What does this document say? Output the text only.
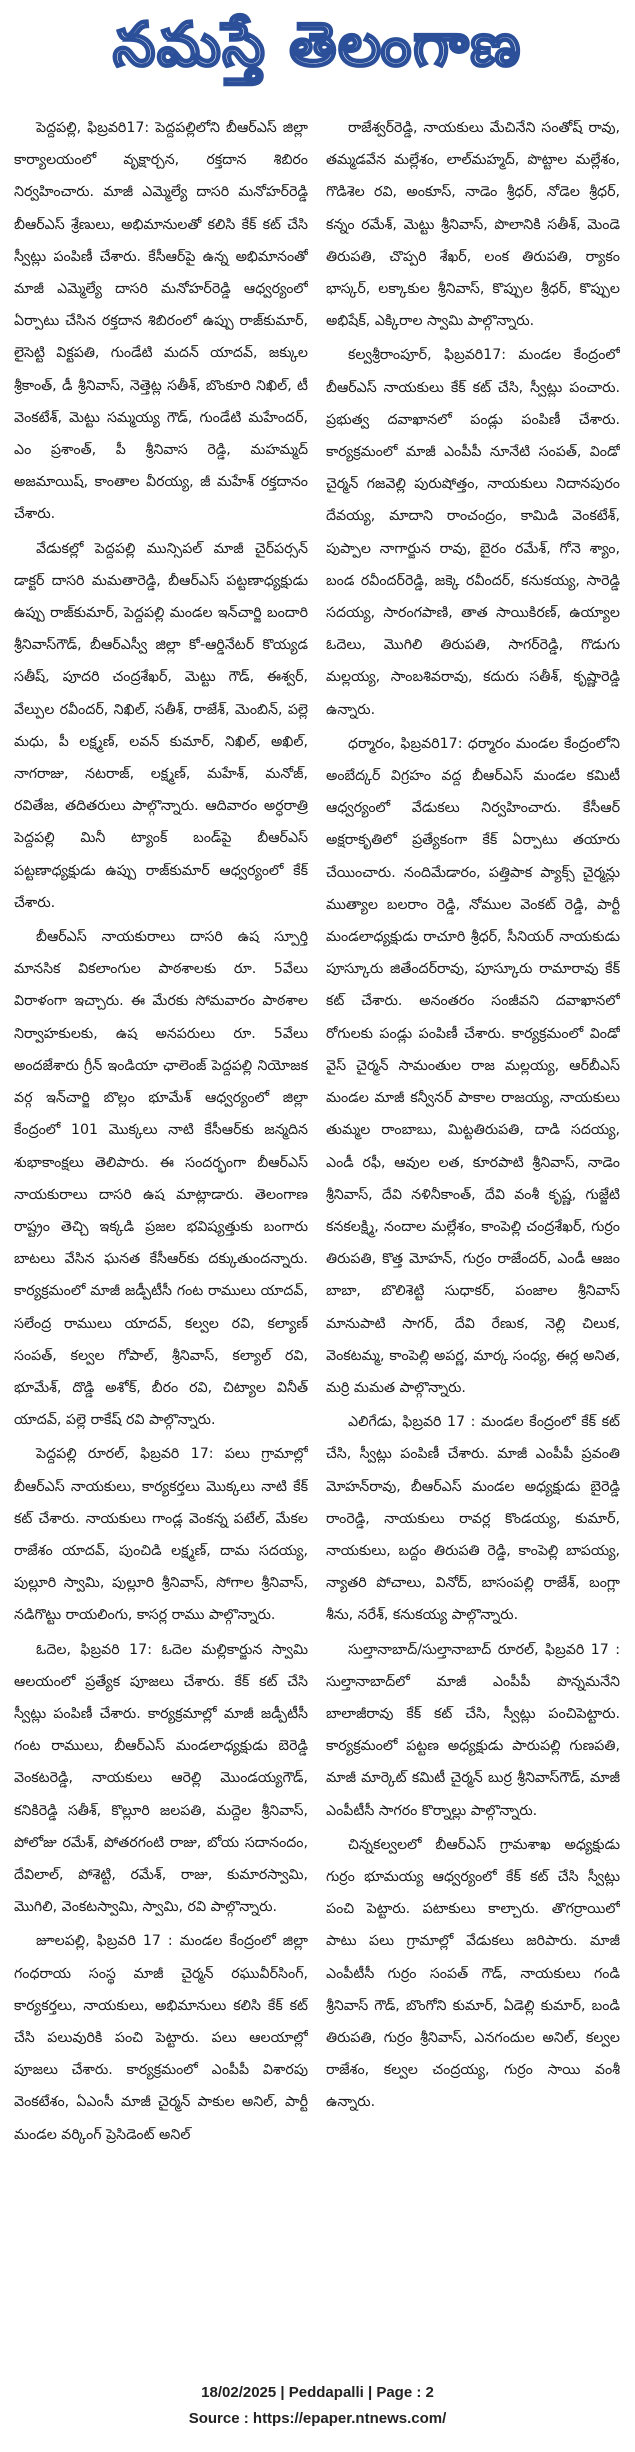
నమస్తే తెలంగాణ

పెద్దపల్లి, ఫిబ్రవరి17: పెద్దపల్లిలోని బీఆర్‌ఎస్ జిల్లా కార్యాలయంలో వృక్షార్చన, రక్తదాన శిబిరం నిర్వహించారు. మాజీ ఎమ్మెల్యే దాసరి మనోహర్‌రెడ్డి బీఆర్‌ఎస్ శ్రేణులు, అభిమానులతో కలిసి కేక్ కట్ చేసి స్వీట్లు పంపిణీ చేశారు. కేసీఆర్‌పై ఉన్న అభిమానంతో మాజీ ఎమ్మెల్యే దాసరి మనోహర్‌రెడ్డి ఆధ్వర్యంలో ఏర్పాటు చేసిన రక్తదాన శిబిరంలో ఉప్పు రాజ్‌కుమార్, లైసెట్టి విక్టపతి, గుండేటి మదన్ యాదవ్, జక్కుల శ్రీకాంత్, డీ శ్రీనివాస్, నెత్తెట్ల సతీశ్, బొంకూరి నిఖిల్, టీ వెంకటేశ్, మెట్టు సమ్మయ్య గౌడ్, గుండేటి మహేందర్, ఎం ప్రశాంత్, పీ శ్రీనివాస రెడ్డి, మహమ్మద్ అజమాయిష్, కాంతాల వీరయ్య, జీ మహేశ్ రక్తదానం చేశారు.

వేడుకల్లో పెద్దపల్లి మున్సిపల్ మాజీ చైర్‌పర్సన్ డాక్టర్ దాసరి మమతారెడ్డి, బీఆర్‌ఎస్ పట్టణాధ్యక్షుడు ఉప్పు రాజ్‌కుమార్, పెద్దపల్లి మండల ఇన్‌చార్జి బందారి శ్రీనివాస్‌గౌడ్, బీఆర్‌ఎస్వీ జిల్లా కో-ఆర్డినేటర్ కొయ్యడ సతీష్, పూదరి చంద్రశేఖర్, మెట్టు గౌడ్, ఈశ్వర్, వేల్పుల రవీందర్, నిఖిల్, సతీశ్, రాజేశ్, మెంబిన్, పల్లె మధు, పీ లక్ష్మణ్, లవన్ కుమార్, నిఖిల్, అఖిల్, నాగరాజు, నటరాజ్, లక్ష్మణ్, మహేశ్, మనోజ్, రవితేజ, తదితరులు పాల్గొన్నారు. ఆదివారం అర్ధరాత్రి పెద్దపల్లి మినీ ట్యాంక్ బండ్‌పై బీఆర్‌ఎస్ పట్టణాధ్యక్షుడు ఉప్పు రాజ్‌కుమార్ ఆధ్వర్యంలో కేక్ చేశారు.

బీఆర్‌ఎస్ నాయకురాలు దాసరి ఉష స్పూర్తి మానసిక వికలాంగుల పాఠశాలకు రూ. 5వేలు విరాళంగా ఇచ్చారు. ఈ మేరకు సోమవారం పాఠశాల నిర్వాహకులకు, ఉష అనపరులు రూ. 5వేలు అందజేశారు గ్రీన్ ఇండియా ఛాలెంజ్ పెద్దపల్లి నియోజక వర్గ ఇన్‌చార్జి బొల్లం భూమేశ్ ఆధ్వర్యంలో జిల్లా కేంద్రంలో 101 మొక్కలు నాటి కేసీఆర్‌కు జన్మదిన శుభాకాంక్షలు తెలిపారు. ఈ సందర్భంగా బీఆర్‌ఎస్ నాయకురాలు దాసరి ఉష మాట్లాడారు. తెలంగాణ రాష్ట్రం తెచ్చి ఇక్కడి ప్రజల భవిష్యత్తుకు బంగారు బాటలు వేసిన ఘనత కేసీఆర్‌కు దక్కుతుందన్నారు. కార్యక్రమంలో మాజీ జడ్పీటీసీ గంట రాములు యాదవ్, సలేంద్ర రాములు యాదవ్, కల్వల రవి, కల్యాణ్ సంపత్, కల్వల గోపాల్, శ్రీనివాస్, కల్యాల్ రవి, భూమేశ్, దొడ్డి అశోక్, బీరం రవి, చిట్యాల వినీత్ యాదవ్, పల్లె రాకేష్ రవి పాల్గొన్నారు.

పెద్దపల్లి రూరల్, ఫిబ్రవరి 17: పలు గ్రామాల్లో బీఆర్‌ఎస్ నాయకులు, కార్యకర్తలు మొక్కలు నాటి కేక్ కట్ చేశారు. నాయకులు గాండ్ల వెంకన్న పటేల్, మేకల రాజేశం యాదవ్, పుంచిడి లక్ష్మణ్, దామ సదయ్య, పుల్లూరి స్వామి, పుల్లూరి శ్రీనివాస్, సోగాల శ్రీనివాస్, నడిగొట్టు రాయలింగు, కాసర్ల రాము పాల్గొన్నారు.

ఓదెల, ఫిబ్రవరి 17: ఓదెల మల్లికార్జున స్వామి ఆలయంలో ప్రత్యేక పూజలు చేశారు. కేక్ కట్ చేసి స్వీట్లు పంపిణీ చేశారు. కార్యక్రమాల్లో మాజీ జడ్పీటీసీ గంట రాములు, బీఆర్‌ఎస్ మండలాధ్యక్షుడు బెరెడ్డి వెంకటరెడ్డి, నాయకులు ఆరెల్లి మొండయ్యగౌడ్, కనికిరెడ్డి సతీశ్, కొల్లూరి జలపతి, మద్దెల శ్రీనివాస్, పోలోజు రమేశ్, పోతరగంటి రాజు, బోయ సదానందం, దేవిలాల్, పోశెట్టి, రమేశ్, రాజు, కుమారస్వామి, మొగిలి, వెంకటస్వామి, స్వామి, రవి పాల్గొన్నారు.

జూలపల్లి, ఫిబ్రవరి 17 : మండల కేంద్రంలో జిల్లా గంధరాయ సంస్థ మాజీ చైర్మన్ రఘువీర్‌సింగ్, కార్యకర్తలు, నాయకులు, అభిమానులు కలిసి కేక్ కట్ చేసి పలువురికి పంచి పెట్టారు. పలు ఆలయాల్లో పూజలు చేశారు. కార్యక్రమంలో ఎంపీపీ విశారపు వెంకటేశం, ఏఎంసీ మాజీ చైర్మన్ పాకుల అనిల్, పార్టీ మండల వర్కింగ్ ప్రెసిడెంట్ అనిల్

రాజేశ్వర్‌రెడ్డి, నాయకులు మేచినేని సంతోష్ రావు, తమ్మడవేన మల్లేశం, లాల్‌మహ్మద్, పొట్టాల మల్లేశం, గొడిశెల రవి, అంకూస్, నాడెం శ్రీధర్, నోడెల శ్రీధర్, కన్నం రమేశ్, మెట్టు శ్రీనివాస్, పొలానికి సతీశ్, మెండె తిరుపతి, చొప్పరి శేఖర్, లంక తిరుపతి, ర్యాకం భాస్కర్, లక్కాకుల శ్రీనివాస్, కొప్పుల శ్రీధర్, కొప్పుల అభిషేక్, ఎక్కిరాల స్వామి పాల్గొన్నారు.

కల్వశ్రీరాంపూర్, ఫిబ్రవరి17: మండల కేంద్రంలో బీఆర్‌ఎస్ నాయకులు కేక్ కట్ చేసి, స్వీట్లు పంచారు. ప్రభుత్వ దవాఖానలో పండ్లు పంపిణీ చేశారు. కార్యక్రమంలో మాజీ ఎంపీపీ నూనేటి సంపత్, విండో చైర్మన్ గజవెల్లి పురుషోత్తం, నాయకులు నిదానపురం దేవయ్య, మాదాని రాంచంద్రం, కామిడి వెంకటేశ్, పుప్పాల నాగార్జున రావు, బైరం రమేశ్, గోనె శ్యాం, బండ రవీందర్‌రెడ్డి, జక్కె రవీందర్, కనుకయ్య, సారెడ్డి సదయ్య, సారంగపాణి, తాత సాయికిరణ్, ఉయ్యాల ఓదెలు, మొగిలి తిరుపతి, సాగర్‌రెడ్డి, గొడుగు మల్లయ్య, సాంబశివరావు, కదురు సతీశ్, కృష్ణారెడ్డి ఉన్నారు.

ధర్మారం, ఫిబ్రవరి17: ధర్మారం మండల కేంద్రంలోని అంబేద్కర్ విగ్రహం వద్ద బీఆర్‌ఎస్ మండల కమిటీ ఆధ్వర్యంలో వేడుకలు నిర్వహించారు. కేసీఆర్ అక్షరాకృతిలో ప్రత్యేకంగా కేక్ ఏర్పాటు తయారు చేయించారు. నందిమేడారం, పత్తిపాక ప్యాక్స్ చైర్మన్లు ముత్యాల బలరాం రెడ్డి, నోముల వెంకట్ రెడ్డి, పార్టీ మండలాధ్యక్షుడు రాచూరి శ్రీధర్, సీనియర్ నాయకుడు పూస్కూరు జితేందర్‌రావు, పూస్కూరు రామారావు కేక్ కట్ చేశారు. అనంతరం సంజీవని దవాఖానలో రోగులకు పండ్లు పంపిణీ చేశారు. కార్యక్రమంలో విండో వైస్ చైర్మన్ సామంతుల రాజ మల్లయ్య, ఆర్‌బీఎస్ మండల మాజీ కన్వీనర్ పాకాల రాజయ్య, నాయకులు తుమ్మల రాంబాబు, మిట్టతిరుపతి, దాడి సదయ్య, ఎండీ రఫీ, ఆవుల లత, కూరపాటి శ్రీనివాస్, నాడెం శ్రీనివాస్, దేవి నళినీకాంత్, దేవి వంశీ కృష్ణ, గుజ్జేటి కనకలక్ష్మి, నందాల మల్లేశం, కాంపెల్లి చంద్రశేఖర్, గుర్రం తిరుపతి, కొత్త మోహన్, గుర్రం రాజేందర్, ఎండీ ఆజం బాబా, బొలిశెట్టి సుధాకర్, పంజాల శ్రీనివాస్ మానుపాటి సాగర్, దేవి రేణుక, నెల్లి చిలుక, వెంకటమ్మ, కాంపెల్లి అపర్ణ, మార్క సంధ్య, ఈర్ల అనిత, మర్రి మమత పాల్గొన్నారు.

ఎలిగేడు, ఫిబ్రవరి 17 : మండల కేంద్రంలో కేక్ కట్ చేసి, స్వీట్లు పంపిణీ చేశారు. మాజీ ఎంపీపీ ప్రవంతి మోహన్‌రావు, బీఆర్‌ఎస్ మండల అధ్యక్షుడు బైరెడ్డి రాంరెడ్డి, నాయకులు రావర్ల కొండయ్య, కుమార్, నాయకులు, బద్దం తిరుపతి రెడ్డి, కాంపెల్లి బాపయ్య, న్యాతరి పోచాలు, వినోద్, బాసంపల్లి రాజేశ్, బంగ్లా శీను, నరేశ్, కనుకయ్య పాల్గొన్నారు.

సుల్తానాబాద్/సుల్తానాబాద్ రూరల్, ఫిబ్రవరి 17 : సుల్తానాబాద్‌లో మాజీ ఎంపీపీ పొన్నమనేని బాలాజీరావు కేక్ కట్ చేసి, స్వీట్లు పంచిపెట్టారు. కార్యక్రమంలో పట్టణ అధ్యక్షుడు పారుపల్లి గుణపతి, మాజీ మార్కెట్ కమిటీ చైర్మన్ బుర్ర శ్రీనివాస్‌గౌడ్, మాజీ ఎంపీటీసీ సాగరం కొర్నాల్లు పాల్గొన్నారు.

చిన్నకల్వలలో బీఆర్‌ఎస్ గ్రామశాఖ అధ్యక్షుడు గుర్రం భూమయ్య ఆధ్వర్యంలో కేక్ కట్ చేసి స్వీట్లు పంచి పెట్టారు. పటాకులు కాల్చారు. తొగర్రాయిలో పాటు పలు గ్రామాల్లో వేడుకలు జరిపారు. మాజీ ఎంపీటీసీ గుర్రం సంపత్ గౌడ్, నాయకులు గండి శ్రీనివాస్ గౌడ్, బొంగోని కుమార్, ఏడెల్లి కుమార్, బండి తిరుపతి, గుర్రం శ్రీనివాస్, ఎనగందుల అనిల్, కల్వల రాజేశం, కల్వల చంద్రయ్య, గుర్రం సాయి వంశీ ఉన్నారు.

18/02/2025 | Peddapalli | Page : 2
Source : https://epaper.ntnews.com/
